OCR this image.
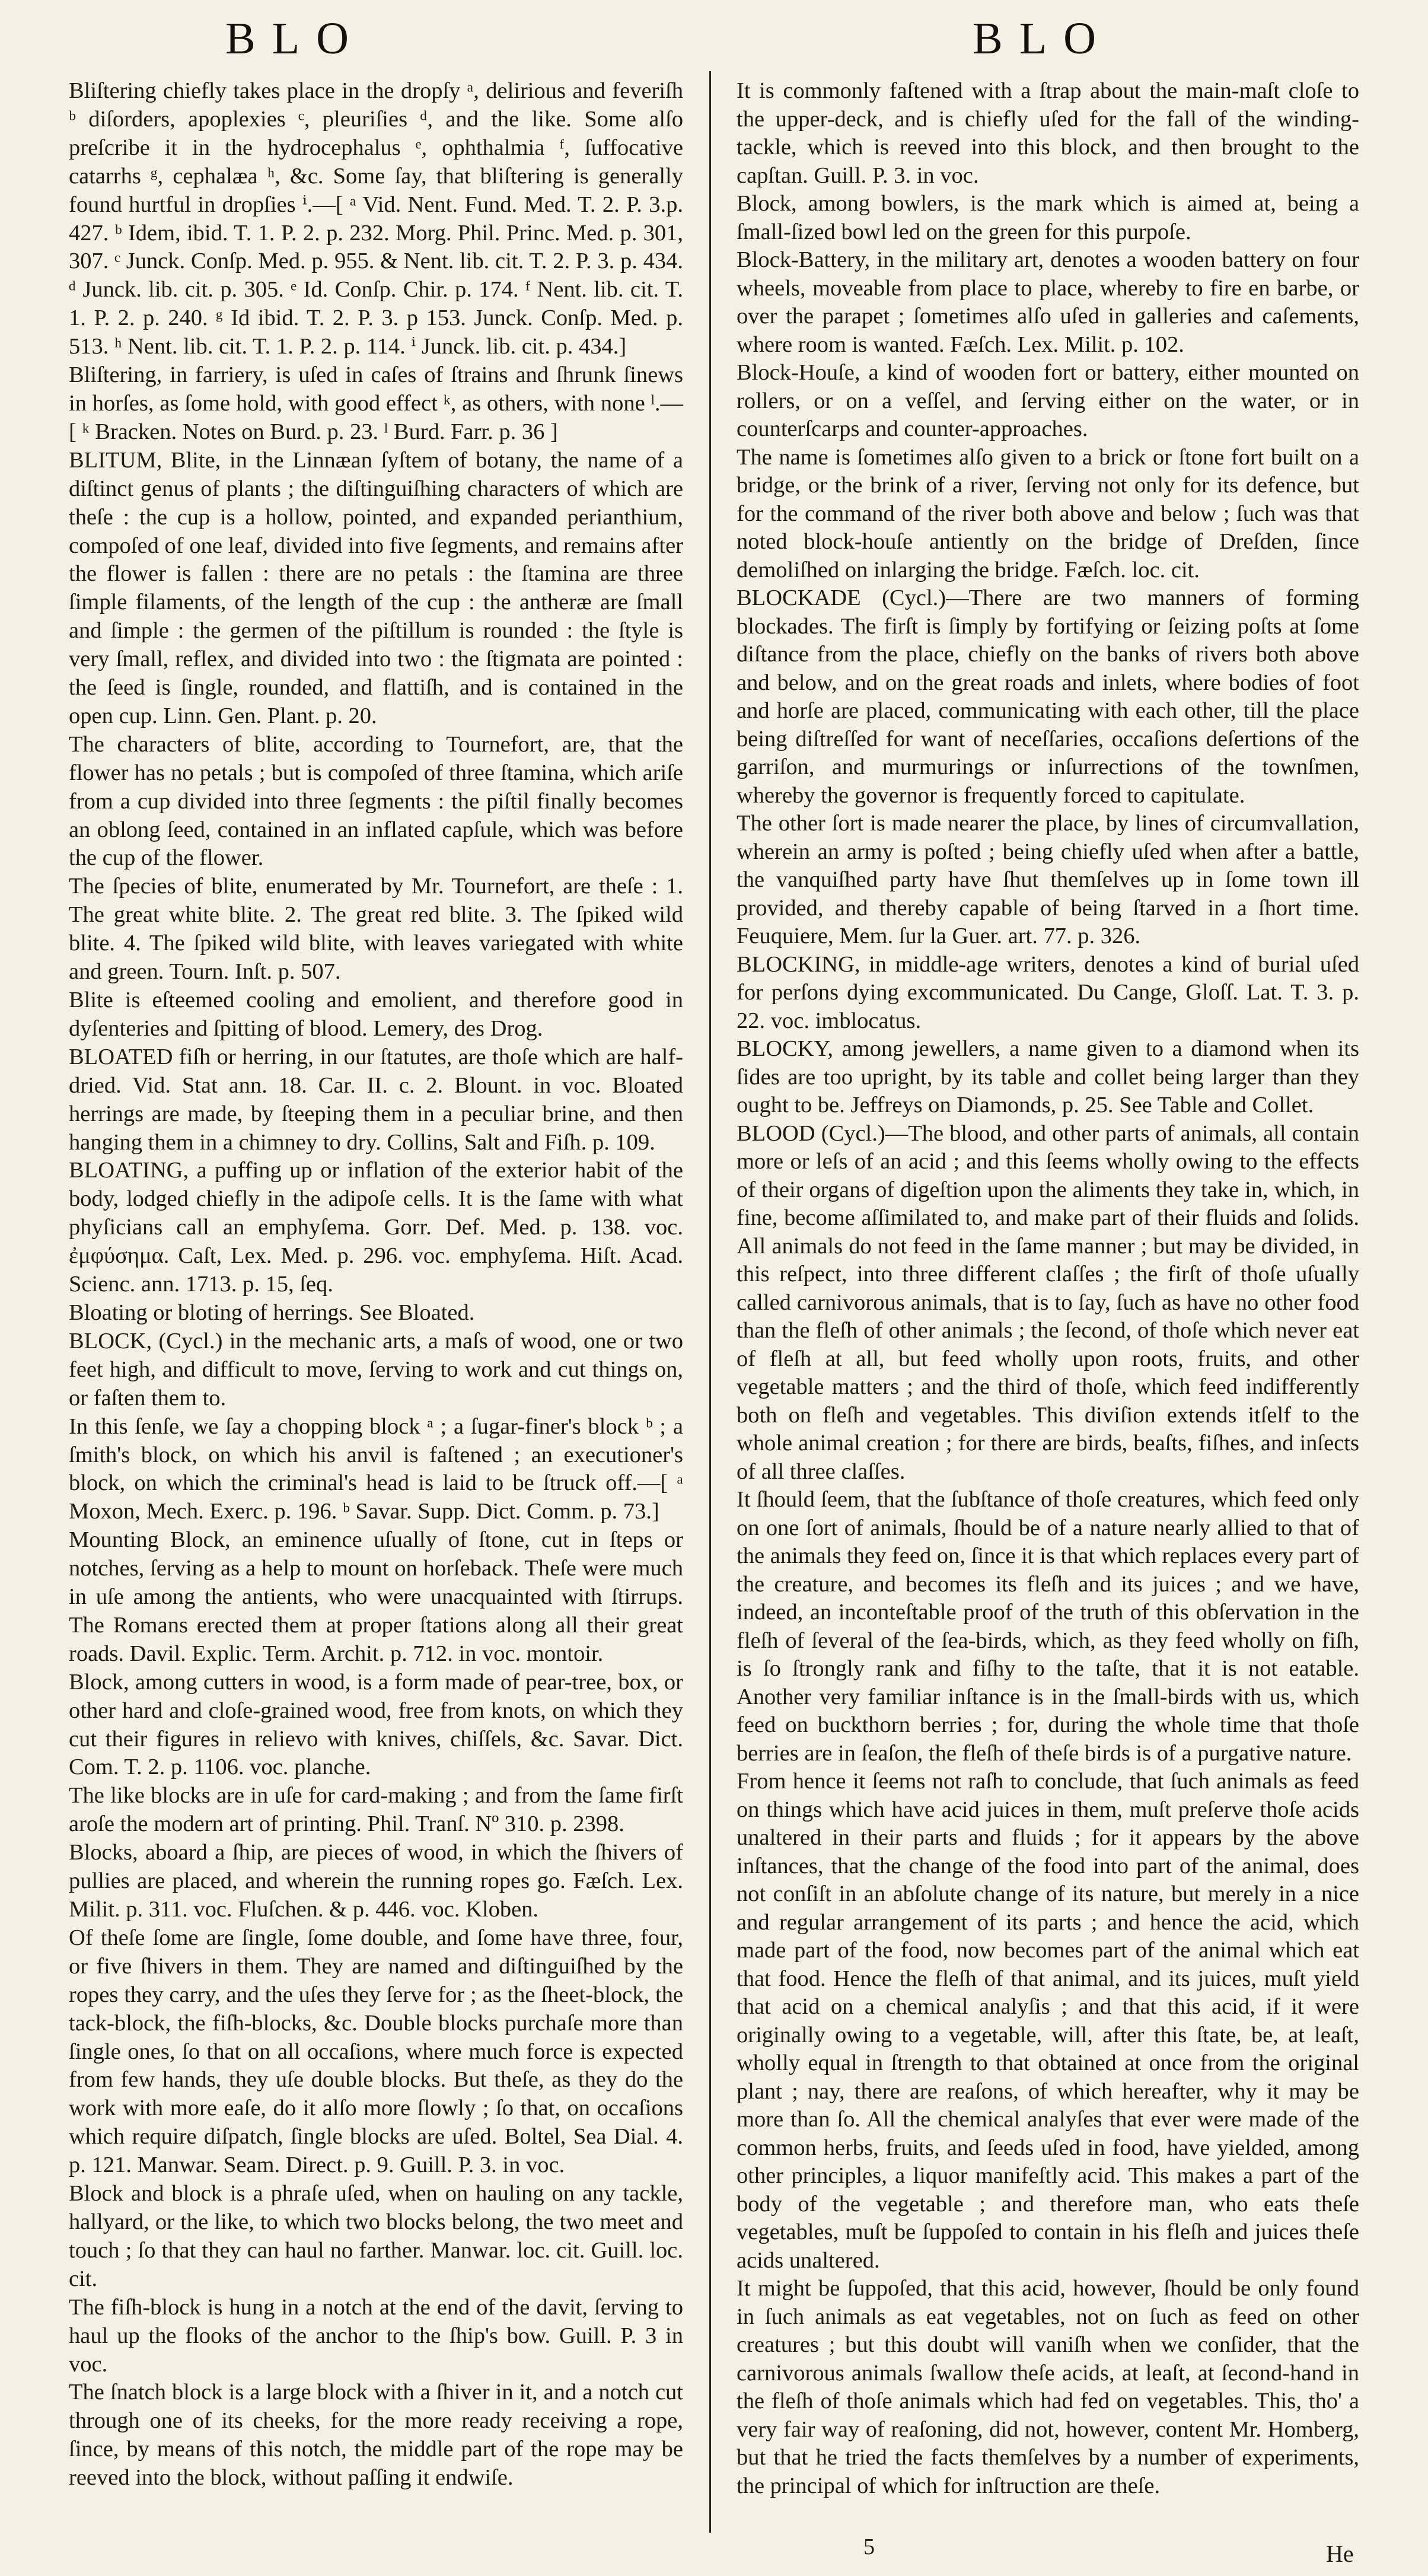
BLO	BLO

Bliſtering chiefly takes place in the dropſy ᵃ, delirious and feveriſh ᵇ diſorders, apoplexies ᶜ, pleuriſies ᵈ, and the like. Some alſo preſcribe it in the hydrocephalus ᵉ, ophthalmia ᶠ, ſuffocative catarrhs ᵍ, cephalæa ʰ, &c. Some ſay, that bliſtering is generally found hurtful in dropſies ⁱ.—[ ᵃ Vid. Nent. Fund. Med. T. 2. P. 3.p. 427. ᵇ Idem, ibid. T. 1. P. 2. p. 232. Morg. Phil. Princ. Med. p. 301, 307. ᶜ Junck. Conſp. Med. p. 955. & Nent. lib. cit. T. 2. P. 3. p. 434. ᵈ Junck. lib. cit. p. 305. ᵉ Id. Conſp. Chir. p. 174. ᶠ Nent. lib. cit. T. 1. P. 2. p. 240. ᵍ Id ibid. T. 2. P. 3. p 153. Junck. Conſp. Med. p. 513. ʰ Nent. lib. cit. T. 1. P. 2. p. 114. ⁱ Junck. lib. cit. p. 434.]

Bliſtering, in farriery, is uſed in caſes of ſtrains and ſhrunk ſinews in horſes, as ſome hold, with good effect ᵏ, as others, with none ˡ.—[ ᵏ Bracken. Notes on Burd. p. 23. ˡ Burd. Farr. p. 36 ]

BLITUM, Blite, in the Linnæan ſyſtem of botany, the name of a diſtinct genus of plants ; the diſtinguiſhing characters of which are theſe : the cup is a hollow, pointed, and expanded perianthium, compoſed of one leaf, divided into five ſegments, and remains after the flower is fallen : there are no petals : the ſtamina are three ſimple filaments, of the length of the cup : the antheræ are ſmall and ſimple : the germen of the piſtillum is rounded : the ſtyle is very ſmall, reflex, and divided into two : the ſtigmata are pointed : the ſeed is ſingle, rounded, and flattiſh, and is contained in the open cup. Linn. Gen. Plant. p. 20.

The characters of blite, according to Tournefort, are, that the flower has no petals ; but is compoſed of three ſtamina, which ariſe from a cup divided into three ſegments : the piſtil finally becomes an oblong ſeed, contained in an inflated capſule, which was before the cup of the flower.

The ſpecies of blite, enumerated by Mr. Tournefort, are theſe : 1. The great white blite. 2. The great red blite. 3. The ſpiked wild blite. 4. The ſpiked wild blite, with leaves variegated with white and green. Tourn. Inſt. p. 507.

Blite is eſteemed cooling and emolient, and therefore good in dyſenteries and ſpitting of blood. Lemery, des Drog.

BLOATED fiſh or herring, in our ſtatutes, are thoſe which are half-dried. Vid. Stat ann. 18. Car. II. c. 2. Blount. in voc. Bloated herrings are made, by ſteeping them in a peculiar brine, and then hanging them in a chimney to dry. Collins, Salt and Fiſh. p. 109.

BLOATING, a puffing up or inflation of the exterior habit of the body, lodged chiefly in the adipoſe cells. It is the ſame with what phyſicians call an emphyſema. Gorr. Def. Med. p. 138. voc. ἐμφύσημα. Caſt, Lex. Med. p. 296. voc. emphyſema. Hiſt. Acad. Scienc. ann. 1713. p. 15, ſeq.

Bloating or bloting of herrings. See Bloated.

BLOCK, (Cycl.) in the mechanic arts, a maſs of wood, one or two feet high, and difficult to move, ſerving to work and cut things on, or faſten them to.

In this ſenſe, we ſay a chopping block ᵃ ; a ſugar-finer's block ᵇ ; a ſmith's block, on which his anvil is faſtened ; an executioner's block, on which the criminal's head is laid to be ſtruck off.—[ ᵃ Moxon, Mech. Exerc. p. 196. ᵇ Savar. Supp. Dict. Comm. p. 73.]

Mounting Block, an eminence uſually of ſtone, cut in ſteps or notches, ſerving as a help to mount on horſeback. Theſe were much in uſe among the antients, who were unacquainted with ſtirrups. The Romans erected them at proper ſtations along all their great roads. Davil. Explic. Term. Archit. p. 712. in voc. montoir.

Block, among cutters in wood, is a form made of pear-tree, box, or other hard and cloſe-grained wood, free from knots, on which they cut their figures in relievo with knives, chiſſels, &c. Savar. Dict. Com. T. 2. p. 1106. voc. planche.

The like blocks are in uſe for card-making ; and from the ſame firſt aroſe the modern art of printing. Phil. Tranſ. Nº 310. p. 2398.

Blocks, aboard a ſhip, are pieces of wood, in which the ſhivers of pullies are placed, and wherein the running ropes go. Fæſch. Lex. Milit. p. 311. voc. Fluſchen. & p. 446. voc. Kloben.

Of theſe ſome are ſingle, ſome double, and ſome have three, four, or five ſhivers in them. They are named and diſtinguiſhed by the ropes they carry, and the uſes they ſerve for ; as the ſheet-block, the tack-block, the fiſh-blocks, &c. Double blocks purchaſe more than ſingle ones, ſo that on all occaſions, where much force is expected from few hands, they uſe double blocks. But theſe, as they do the work with more eaſe, do it alſo more ſlowly ; ſo that, on occaſions which require diſpatch, ſingle blocks are uſed. Boltel, Sea Dial. 4. p. 121. Manwar. Seam. Direct. p. 9. Guill. P. 3. in voc.

Block and block is a phraſe uſed, when on hauling on any tackle, hallyard, or the like, to which two blocks belong, the two meet and touch ; ſo that they can haul no farther. Manwar. loc. cit. Guill. loc. cit.

The fiſh-block is hung in a notch at the end of the davit, ſerving to haul up the flooks of the anchor to the ſhip's bow. Guill. P. 3 in voc.

The ſnatch block is a large block with a ſhiver in it, and a notch cut through one of its cheeks, for the more ready receiving a rope, ſince, by means of this notch, the middle part of the rope may be reeved into the block, without paſſing it endwiſe.

It is commonly faſtened with a ſtrap about the main-maſt cloſe to the upper-deck, and is chiefly uſed for the fall of the winding-tackle, which is reeved into this block, and then brought to the capſtan. Guill. P. 3. in voc.

Block, among bowlers, is the mark which is aimed at, being a ſmall-ſized bowl led on the green for this purpoſe.

Block-Battery, in the military art, denotes a wooden battery on four wheels, moveable from place to place, whereby to fire en barbe, or over the parapet ; ſometimes alſo uſed in galleries and caſements, where room is wanted. Fæſch. Lex. Milit. p. 102.

Block-Houſe, a kind of wooden fort or battery, either mounted on rollers, or on a veſſel, and ſerving either on the water, or in counterſcarps and counter-approaches.

The name is ſometimes alſo given to a brick or ſtone fort built on a bridge, or the brink of a river, ſerving not only for its defence, but for the command of the river both above and below ; ſuch was that noted block-houſe antiently on the bridge of Dreſden, ſince demoliſhed on inlarging the bridge. Fæſch. loc. cit.

BLOCKADE (Cycl.)—There are two manners of forming blockades. The firſt is ſimply by fortifying or ſeizing poſts at ſome diſtance from the place, chiefly on the banks of rivers both above and below, and on the great roads and inlets, where bodies of foot and horſe are placed, communicating with each other, till the place being diſtreſſed for want of neceſſaries, occaſions deſertions of the garriſon, and murmurings or inſurrections of the townſmen, whereby the governor is frequently forced to capitulate.

The other ſort is made nearer the place, by lines of circumvallation, wherein an army is poſted ; being chiefly uſed when after a battle, the vanquiſhed party have ſhut themſelves up in ſome town ill provided, and thereby capable of being ſtarved in a ſhort time. Feuquiere, Mem. ſur la Guer. art. 77. p. 326.

BLOCKING, in middle-age writers, denotes a kind of burial uſed for perſons dying excommunicated. Du Cange, Gloſſ. Lat. T. 3. p. 22. voc. imblocatus.

BLOCKY, among jewellers, a name given to a diamond when its ſides are too upright, by its table and collet being larger than they ought to be. Jeffreys on Diamonds, p. 25. See Table and Collet.

BLOOD (Cycl.)—The blood, and other parts of animals, all contain more or leſs of an acid ; and this ſeems wholly owing to the effects of their organs of digeſtion upon the aliments they take in, which, in fine, become aſſimilated to, and make part of their fluids and ſolids. All animals do not feed in the ſame manner ; but may be divided, in this reſpect, into three different claſſes ; the firſt of thoſe uſually called carnivorous animals, that is to ſay, ſuch as have no other food than the fleſh of other animals ; the ſecond, of thoſe which never eat of fleſh at all, but feed wholly upon roots, fruits, and other vegetable matters ; and the third of thoſe, which feed indifferently both on fleſh and vegetables. This diviſion extends itſelf to the whole animal creation ; for there are birds, beaſts, fiſhes, and inſects of all three claſſes.

It ſhould ſeem, that the ſubſtance of thoſe creatures, which feed only on one ſort of animals, ſhould be of a nature nearly allied to that of the animals they feed on, ſince it is that which replaces every part of the creature, and becomes its fleſh and its juices ; and we have, indeed, an inconteſtable proof of the truth of this obſervation in the fleſh of ſeveral of the ſea-birds, which, as they feed wholly on fiſh, is ſo ſtrongly rank and fiſhy to the taſte, that it is not eatable. Another very familiar inſtance is in the ſmall-birds with us, which feed on buckthorn berries ; for, during the whole time that thoſe berries are in ſeaſon, the fleſh of theſe birds is of a purgative nature.

From hence it ſeems not raſh to conclude, that ſuch animals as feed on things which have acid juices in them, muſt preſerve thoſe acids unaltered in their parts and fluids ; for it appears by the above inſtances, that the change of the food into part of the animal, does not conſiſt in an abſolute change of its nature, but merely in a nice and regular arrangement of its parts ; and hence the acid, which made part of the food, now becomes part of the animal which eat that food. Hence the fleſh of that animal, and its juices, muſt yield that acid on a chemical analyſis ; and that this acid, if it were originally owing to a vegetable, will, after this ſtate, be, at leaſt, wholly equal in ſtrength to that obtained at once from the original plant ; nay, there are reaſons, of which hereafter, why it may be more than ſo. All the chemical analyſes that ever were made of the common herbs, fruits, and ſeeds uſed in food, have yielded, among other principles, a liquor manifeſtly acid. This makes a part of the body of the vegetable ; and therefore man, who eats theſe vegetables, muſt be ſuppoſed to contain in his fleſh and juices theſe acids unaltered.

It might be ſuppoſed, that this acid, however, ſhould be only found in ſuch animals as eat vegetables, not on ſuch as feed on other creatures ; but this doubt will vaniſh when we conſider, that the carnivorous animals ſwallow theſe acids, at leaſt, at ſecond-hand in the fleſh of thoſe animals which had fed on vegetables. This, tho' a very fair way of reaſoning, did not, however, content Mr. Homberg, but that he tried the facts themſelves by a number of experiments, the principal of which for inſtruction are theſe.

5	He
